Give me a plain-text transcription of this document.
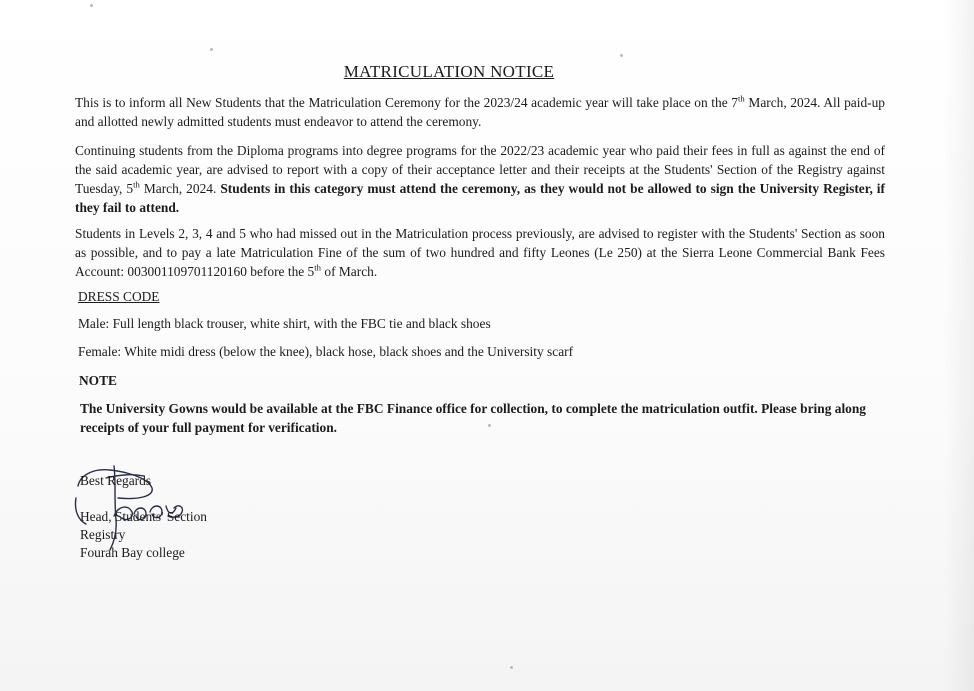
MATRICULATION NOTICE
This is to inform all New Students that the Matriculation Ceremony for the 2023/24 academic year will take place on the 7th March, 2024. All paid-up and allotted newly admitted students must endeavor to attend the ceremony.
Continuing students from the Diploma programs into degree programs for the 2022/23 academic year who paid their fees in full as against the end of the said academic year, are advised to report with a copy of their acceptance letter and their receipts at the Students' Section of the Registry against Tuesday, 5th March, 2024. Students in this category must attend the ceremony, as they would not be allowed to sign the University Register, if they fail to attend.
Students in Levels 2, 3, 4 and 5 who had missed out in the Matriculation process previously, are advised to register with the Students' Section as soon as possible, and to pay a late Matriculation Fine of the sum of two hundred and fifty Leones (Le 250) at the Sierra Leone Commercial Bank Fees Account: 003001109701120160 before the 5th of March.
DRESS CODE
Male: Full length black trouser, white shirt, with the FBC tie and black shoes
Female: White midi dress (below the knee), black hose, black shoes and the University scarf
NOTE
The University Gowns would be available at the FBC Finance office for collection, to complete the matriculation outfit. Please bring along receipts of your full payment for verification.
Best Regards
Head, Students' Section
Registry
Fourah Bay college
